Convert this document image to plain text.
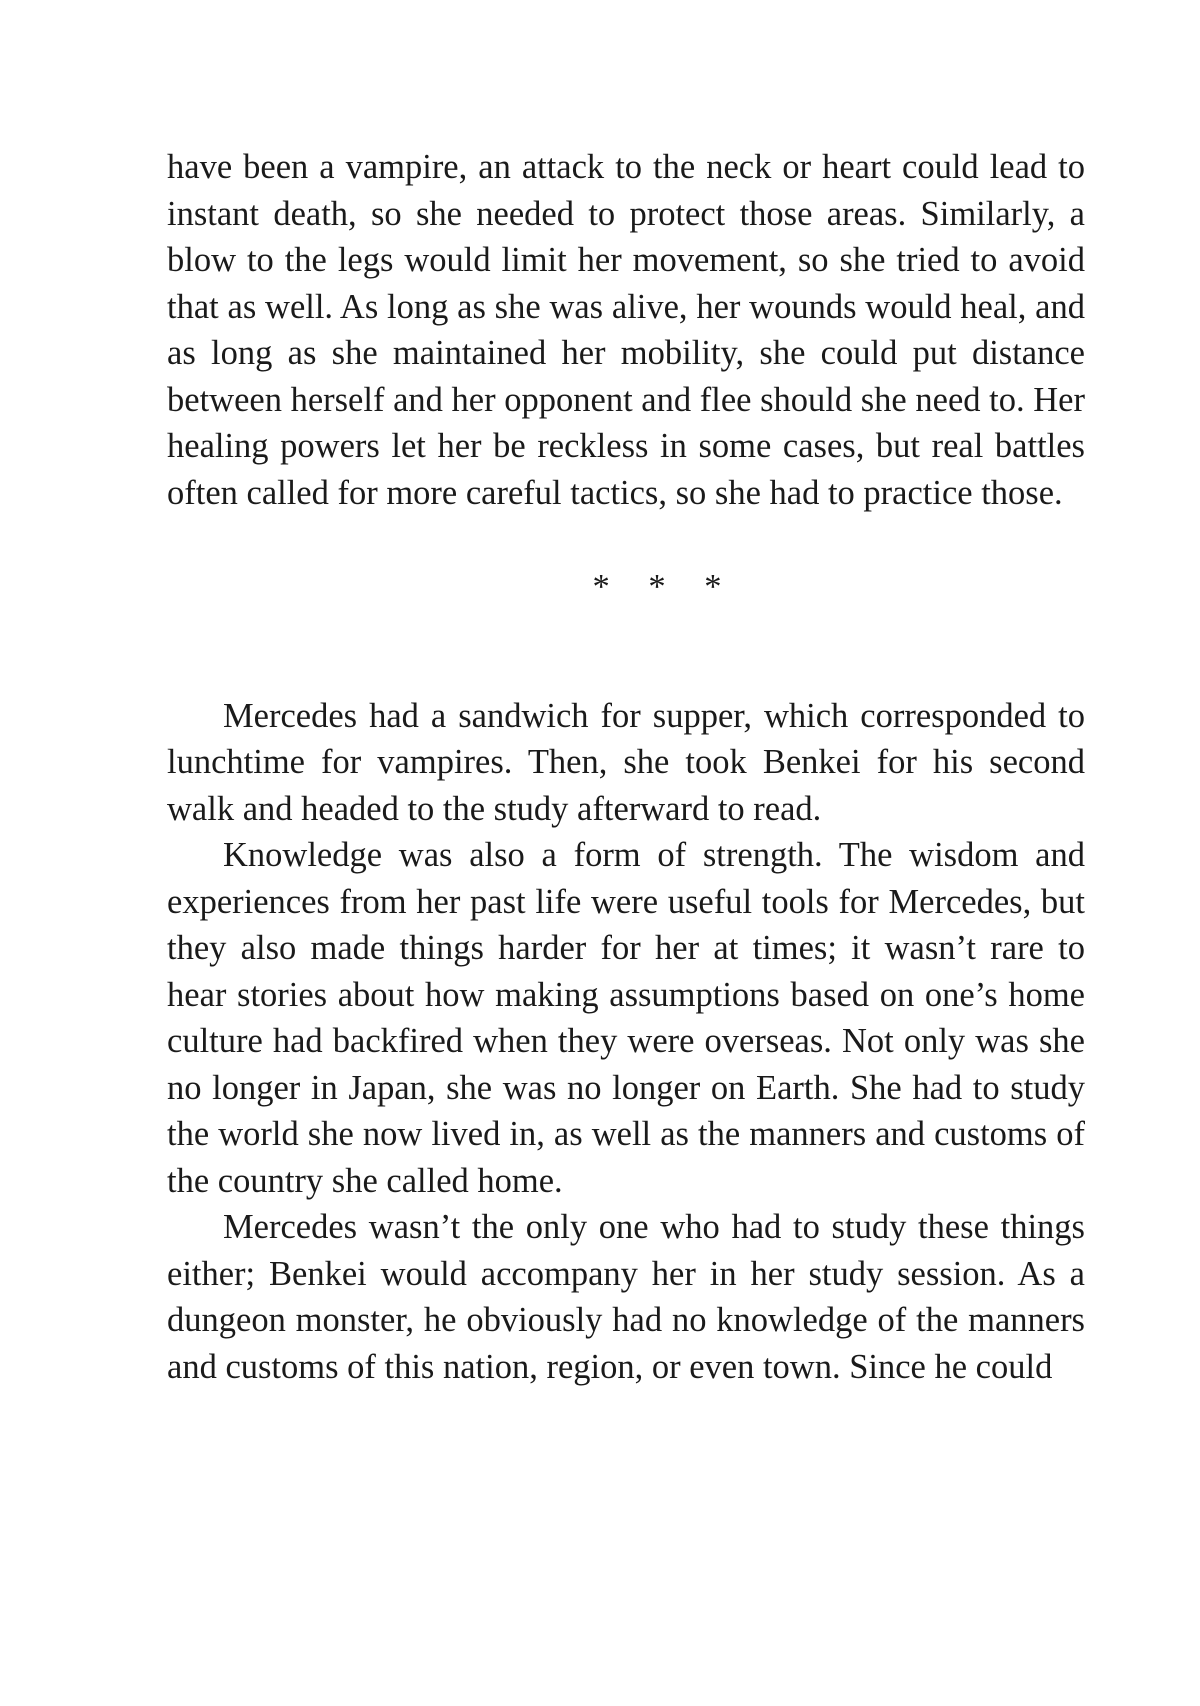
have been a vampire, an attack to the neck or heart could lead to instant death, so she needed to protect those areas. Similarly, a blow to the legs would limit her movement, so she tried to avoid that as well. As long as she was alive, her wounds would heal, and as long as she maintained her mobility, she could put distance between herself and her opponent and flee should she need to. Her healing powers let her be reckless in some cases, but real battles often called for more careful tactics, so she had to practice those.

* * *

Mercedes had a sandwich for supper, which corresponded to lunchtime for vampires. Then, she took Benkei for his second walk and headed to the study afterward to read.

Knowledge was also a form of strength. The wisdom and experiences from her past life were useful tools for Mercedes, but they also made things harder for her at times; it wasn’t rare to hear stories about how making assumptions based on one’s home culture had backfired when they were overseas. Not only was she no longer in Japan, she was no longer on Earth. She had to study the world she now lived in, as well as the manners and customs of the country she called home.

Mercedes wasn’t the only one who had to study these things either; Benkei would accompany her in her study session. As a dungeon monster, he obviously had no knowledge of the manners and customs of this nation, region, or even town. Since he could
